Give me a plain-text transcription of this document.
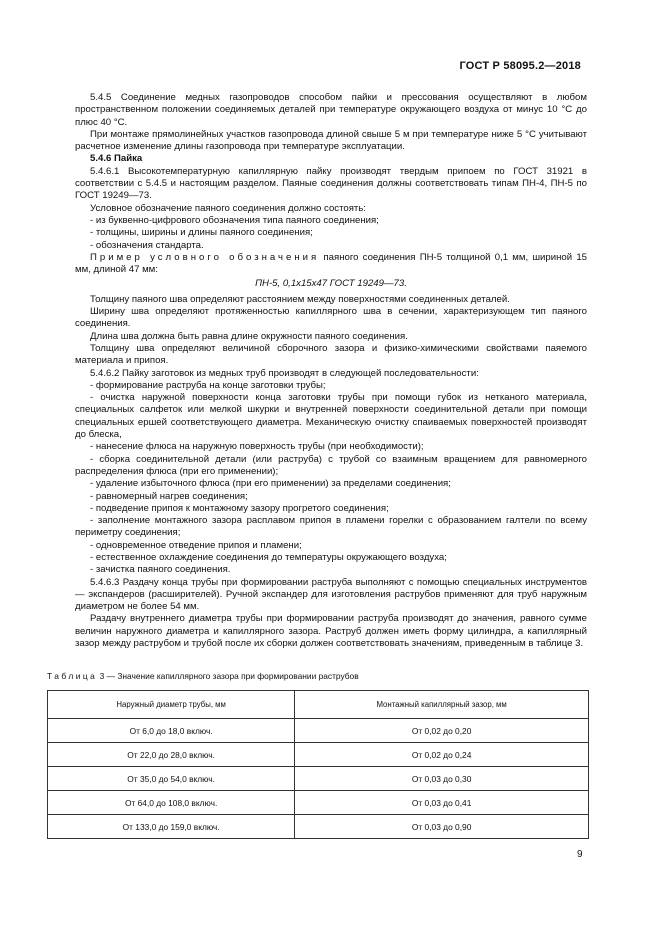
ГОСТ Р 58095.2—2018

5.4.5 Соединение медных газопроводов способом пайки и прессования осуществляют в любом пространственном положении соединяемых деталей при температуре окружающего воздуха от минус 10 °С до плюс 40 °С.

При монтаже прямолинейных участков газопровода длиной свыше 5 м при температуре ниже 5 °С учитывают расчетное изменение длины газопровода при температуре эксплуатации.

5.4.6 Пайка

5.4.6.1 Высокотемпературную капиллярную пайку производят твердым припоем по ГОСТ 31921 в соответствии с 5.4.5 и настоящим разделом. Паяные соединения должны соответствовать типам ПН-4, ПН-5 по ГОСТ 19249—73.

Условное обозначение паяного соединения должно состоять:

- из буквенно-цифрового обозначения типа паяного соединения;

- толщины, ширины и длины паяного соединения;

- обозначения стандарта.

Пример условного обозначения паяного соединения ПН-5 толщиной 0,1 мм, шириной 15 мм, длиной 47 мм:

ПН-5, 0,1х15х47 ГОСТ 19249—73.

Толщину паяного шва определяют расстоянием между поверхностями соединенных деталей.

Ширину шва определяют протяженностью капиллярного шва в сечении, характеризующем тип паяного соединения.

Длина шва должна быть равна длине окружности паяного соединения.

Толщину шва определяют величиной сборочного зазора и физико-химическими свойствами паяемого материала и припоя.

5.4.6.2 Пайку заготовок из медных труб производят в следующей последовательности:

- формирование раструба на конце заготовки трубы;

- очистка наружной поверхности конца заготовки трубы при помощи губок из нетканого материала, специальных салфеток или мелкой шкурки и внутренней поверхности соединительной детали при помощи специальных ершей соответствующего диаметра. Механическую очистку спаиваемых поверхностей производят до блеска,

- нанесение флюса на наружную поверхность трубы (при необходимости);

- сборка соединительной детали (или раструба) с трубой со взаимным вращением для равномерного распределения флюса (при его применении);

- удаление избыточного флюса (при его применении) за пределами соединения;

- равномерный нагрев соединения;

- подведение припоя к монтажному зазору прогретого соединения;

- заполнение монтажного зазора расплавом припоя в пламени горелки с образованием галтели по всему периметру соединения;

- одновременное отведение припоя и пламени;

- естественное охлаждение соединения до температуры окружающего воздуха;

- зачистка паяного соединения.

5.4.6.3 Раздачу конца трубы при формировании раструба выполняют с помощью специальных инструментов — экспандеров (расширителей). Ручной экспандер для изготовления раструбов применяют для труб наружным диаметром не более 54 мм.

Раздачу внутреннего диаметра трубы при формировании раструба производят до значения, равного сумме величин наружного диаметра и капиллярного зазора. Раструб должен иметь форму цилиндра, а капиллярный зазор между раструбом и трубой после их сборки должен соответствовать значениям, приведенным в таблице 3.

Таблица 3 — Значение капиллярного зазора при формировании раструбов
Наружный диаметр трубы, мм	Монтажный капиллярный зазор, мм
От 6,0 до 18,0 включ.	От 0,02 до 0,20
От 22,0 до 28,0 включ.	От 0,02 до 0,24
От 35,0 до 54,0 включ.	От 0,03 до 0,30
От 64,0 до 108,0 включ.	От 0,03 до 0,41
От 133,0 до 159,0 включ.	От 0,03 до 0,90
9
